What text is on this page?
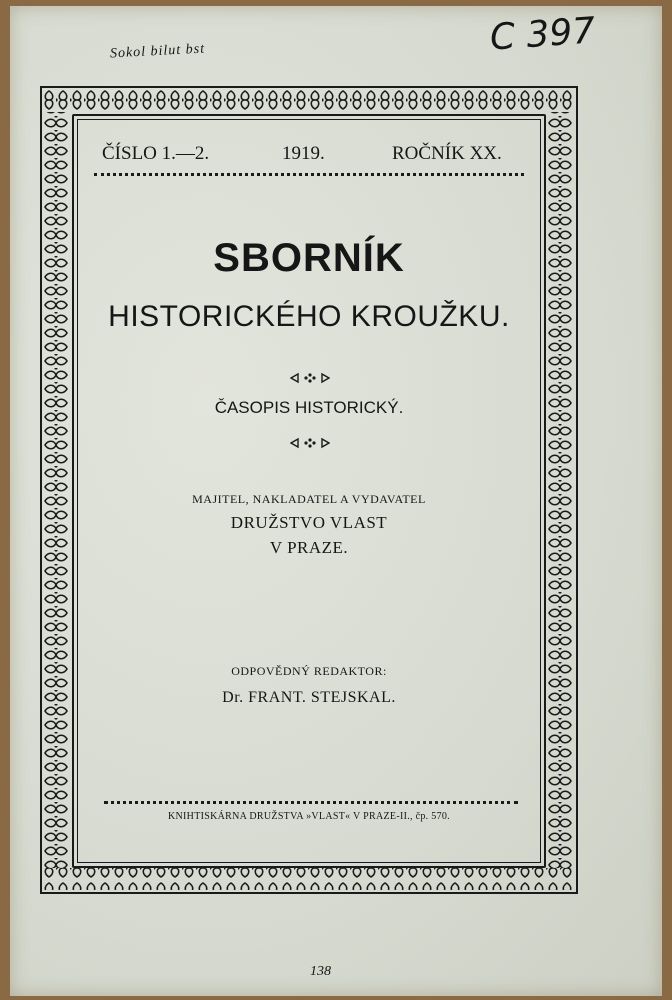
Sokol bilut bst	C 397
ČÍSLO 1.—2.	1919.	ROČNÍK XX.
SBORNÍK
HISTORICKÉHO KROUŽKU.
ČASOPIS HISTORICKÝ.
MAJITEL, NAKLADATEL A VYDAVATEL
DRUŽSTVO VLAST
V PRAZE.
ODPOVĚDNÝ REDAKTOR:
Dr. FRANT. STEJSKAL.
KNIHTISKÁRNA DRUŽSTVA »VLAST« V PRAZE-II., čp. 570.
138
